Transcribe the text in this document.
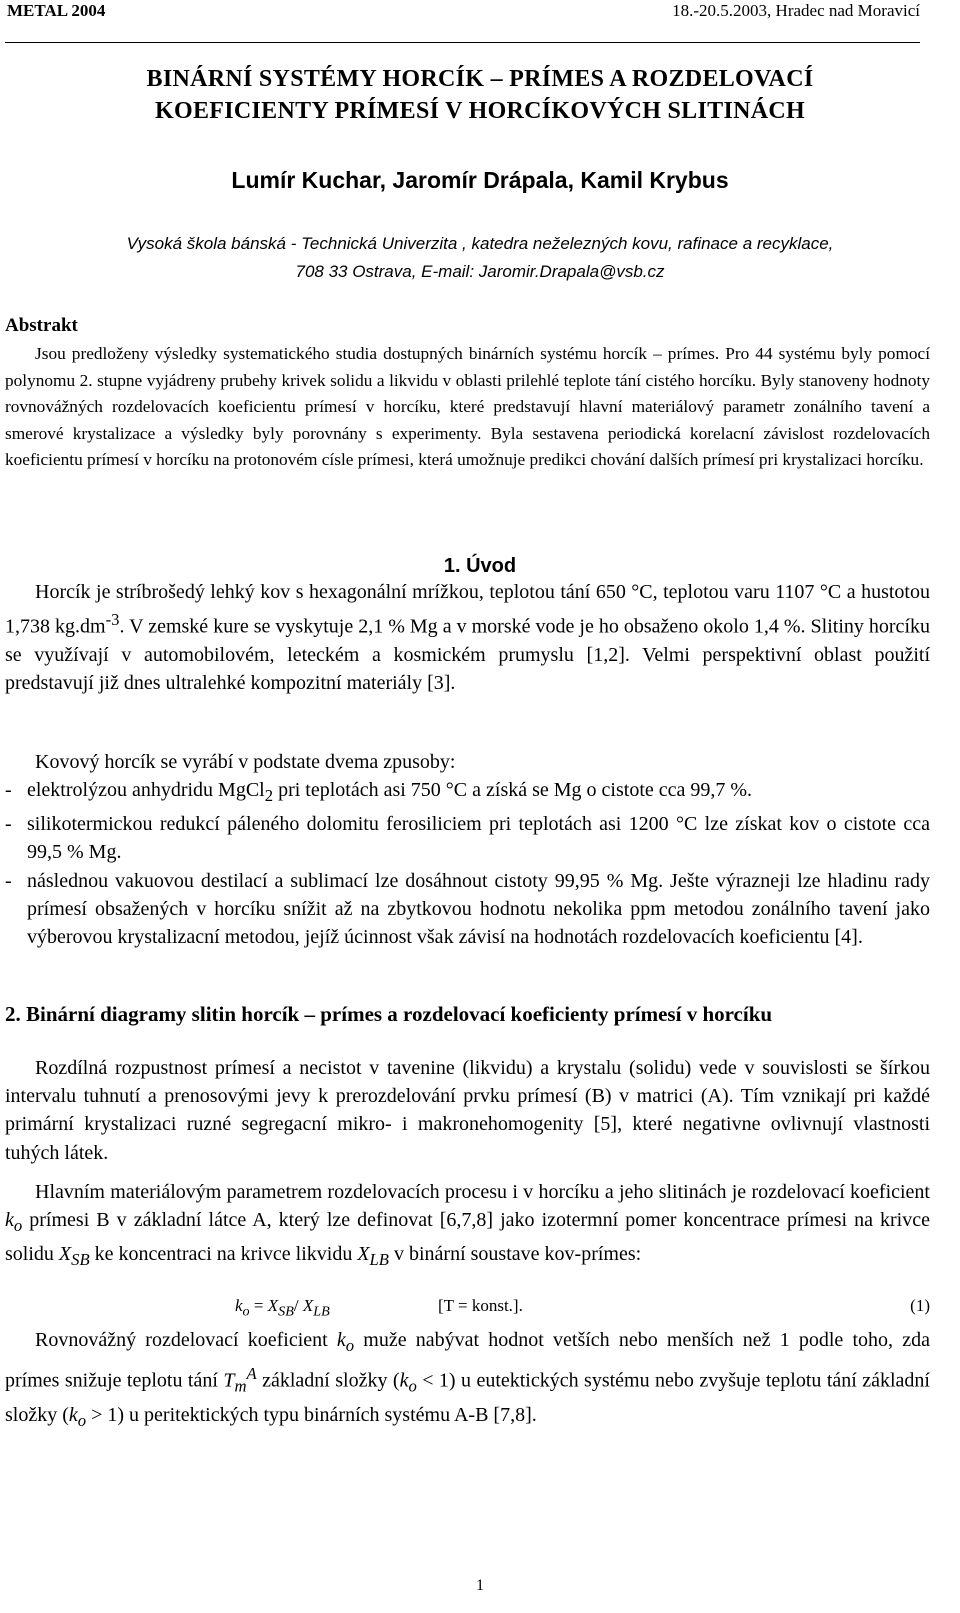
METAL 2004	18.-20.5.2003, Hradec nad Moravicí
BINÁRNÍ SYSTÉMY HORCÍK – PRÍMES A ROZDELOVACÍ
KOEFICIENTY PRÍMESÍ V HORCÍKOVÝCH SLITINÁCH
Lumír Kuchar, Jaromír Drápala, Kamil Krybus
Vysoká škola bánská - Technická Univerzita , katedra neželezných kovu, rafinace a recyklace,
708 33 Ostrava, E-mail: Jaromir.Drapala@vsb.cz
Abstrakt
Jsou predloženy výsledky systematického studia dostupných binárních systému horcík – prímes. Pro 44 systému byly pomocí polynomu 2. stupne vyjádreny prubehy krivek solidu a likvidu v oblasti prilehlé teplote tání cistého horcíku. Byly stanoveny hodnoty rovnovážných rozdelovacích koeficientu prímesí v horcíku, které predstavují hlavní materiálový parametr zonálního tavení a smerové krystalizace a výsledky byly porovnány s experimenty. Byla sestavena periodická korelacní závislost rozdelovacích koeficientu prímesí v horcíku na protonovém císle prímesi, která umožnuje predikci chování dalších prímesí pri krystalizaci horcíku.
1. Úvod
Horcík je stríbrošedý lehký kov s hexagonální mrížkou, teplotou tání 650 °C, teplotou varu 1107 °C a hustotou 1,738 $kg.dm^{-3}$. V zemské kure se vyskytuje 2,1 % Mg a v morské vode je ho obsaženo okolo 1,4 %. Slitiny horcíku se využívají v automobilovém, leteckém a kosmickém prumyslu [1,2]. Velmi perspektivní oblast použití predstavují již dnes ultralehké kompozitní materiály [3].
Kovový horcík se vyrábí v podstate dvema zpusoby:
- elektrolýzou anhydridu MgCl$_2$ pri teplotách asi 750 °C a získá se Mg o cistote cca 99,7 %.
- silikotermickou redukcí páleného dolomitu ferosiliciem pri teplotách asi 1200 °C lze získat kov o cistote cca 99,5 % Mg.
- následnou vakuovou destilací a sublimací lze dosáhnout cistoty 99,95 % Mg. Ješte výrazneji lze hladinu rady prímesí obsažených v horcíku snížit až na zbytkovou hodnotu nekolika ppm metodou zonálního tavení jako výberovou krystalizacní metodou, jejíž úcinnost však závisí na hodnotách rozdelovacích koeficientu [4].
2. Binární diagramy slitin horcík – prímes a rozdelovací koeficienty prímesí v horcíku
Rozdílná rozpustnost prímesí a necistot v tavenine (likvidu) a krystalu (solidu) vede v souvislosti se šírkou intervalu tuhnutí a prenosovými jevy k prerozdelování prvku prímesí (B) v matrici (A). Tím vznikají pri každé primární krystalizaci ruzné segregacní mikro- i makronehomogenity [5], které negativne ovlivnují vlastnosti tuhých látek.
Hlavním materiálovým parametrem rozdelovacích procesu i v horcíku a jeho slitinách je rozdelovací koeficient $k_o$ prímesi B v základní látce A, který lze definovat [6,7,8] jako izotermní pomer koncentrace prímesi na krivce solidu $X_{SB}$ ke koncentraci na krivce likvidu $X_{LB}$ v binární soustave kov-prímes:
$k_o = X_{SB}/$ $X_{LB}$	[T = konst.].	(1)
Rovnovážný rozdelovací koeficient $k_o$ muže nabývat hodnot vetších nebo menších než 1 podle toho, zda prímes snižuje teplotu tání $T_m^A$ základní složky $(k_o < 1)$ u eutektických systému nebo zvyšuje teplotu tání základní složky $(k_o > 1)$ u peritektických typu binárních systému A-B [7,8].
1
